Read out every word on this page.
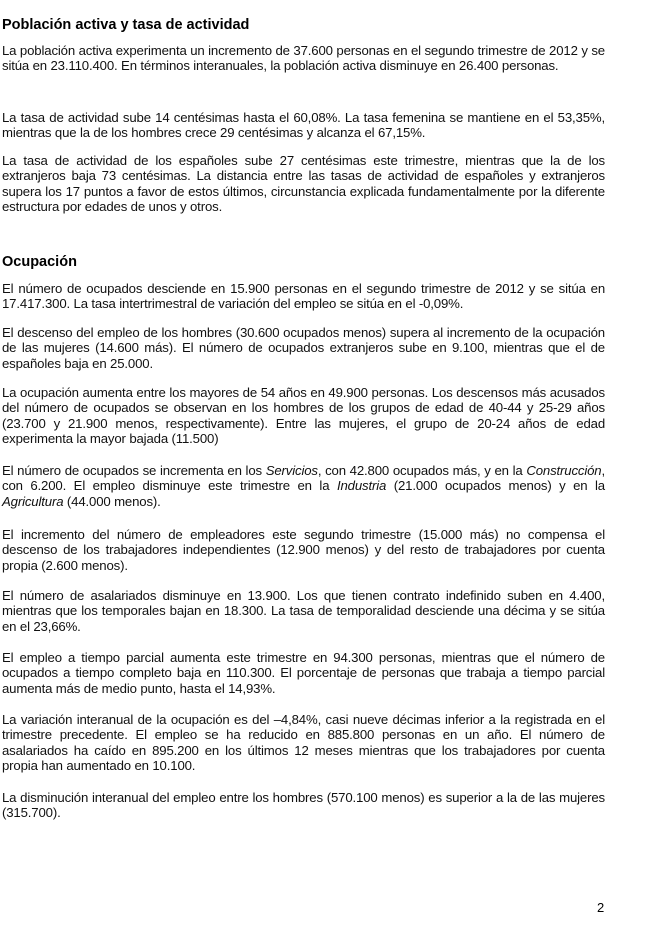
Población activa y tasa de actividad

La población activa experimenta un incremento de 37.600 personas en el segundo trimestre de 2012 y se sitúa en 23.110.400. En términos interanuales, la población activa disminuye en 26.400 personas.

La tasa de actividad sube 14 centésimas hasta el 60,08%. La tasa femenina se mantiene en el 53,35%, mientras que la de los hombres crece 29 centésimas y alcanza el 67,15%.

La tasa de actividad de los españoles sube 27 centésimas este trimestre, mientras que la de los extranjeros baja 73 centésimas. La distancia entre las tasas de actividad de españoles y extranjeros supera los 17 puntos a favor de estos últimos, circunstancia explicada fundamentalmente por la diferente estructura por edades de unos y otros.

Ocupación

El número de ocupados desciende en 15.900 personas en el segundo trimestre de 2012 y se sitúa en 17.417.300. La tasa intertrimestral de variación del empleo se sitúa en el -0,09%.

El descenso del empleo de los hombres (30.600 ocupados menos) supera al incremento de la ocupación de las mujeres (14.600 más). El número de ocupados extranjeros sube en 9.100, mientras que el de españoles baja en 25.000.

La ocupación aumenta entre los mayores de 54 años en 49.900 personas. Los descensos más acusados del número de ocupados se observan en los hombres de los grupos de edad de 40-44 y 25-29 años (23.700 y 21.900 menos, respectivamente). Entre las mujeres, el grupo de 20-24 años de edad experimenta la mayor bajada (11.500)

El número de ocupados se incrementa en los Servicios, con 42.800 ocupados más, y en la Construcción, con 6.200. El empleo disminuye este trimestre en la Industria (21.000 ocupados menos) y en la Agricultura (44.000 menos).

El incremento del número de empleadores este segundo trimestre (15.000 más) no compensa el descenso de los trabajadores independientes (12.900 menos) y del resto de trabajadores por cuenta propia (2.600 menos).

El número de asalariados disminuye en 13.900. Los que tienen contrato indefinido suben en 4.400, mientras que los temporales bajan en 18.300. La tasa de temporalidad desciende una décima y se sitúa en el 23,66%.

El empleo a tiempo parcial aumenta este trimestre en 94.300 personas, mientras que el número de ocupados a tiempo completo baja en 110.300. El porcentaje de personas que trabaja a tiempo parcial aumenta más de medio punto, hasta el 14,93%.

La variación interanual de la ocupación es del –4,84%, casi nueve décimas inferior a la registrada en el trimestre precedente. El empleo se ha reducido en 885.800 personas en un año. El número de asalariados ha caído en 895.200 en los últimos 12 meses mientras que los trabajadores por cuenta propia han aumentado en 10.100.

La disminución interanual del empleo entre los hombres (570.100 menos) es superior a la de las mujeres (315.700).

2
